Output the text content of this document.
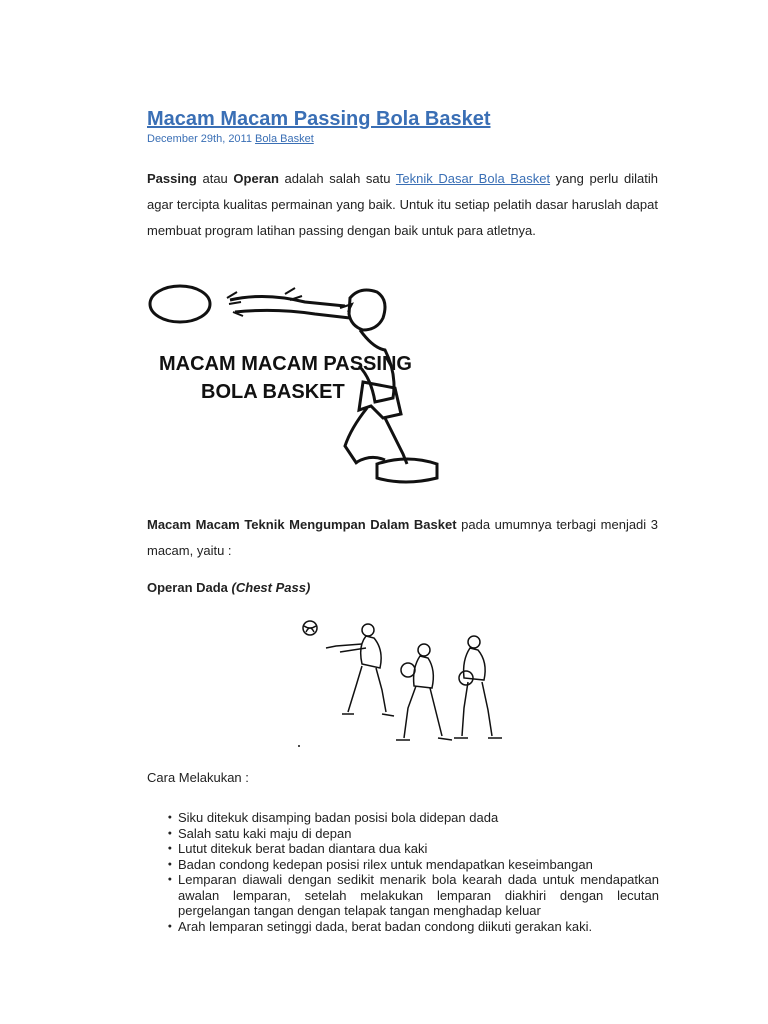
Macam Macam Passing Bola Basket
December 29th, 2011 Bola Basket

Passing atau Operan adalah salah satu Teknik Dasar Bola Basket yang perlu dilatih agar tercipta kualitas permainan yang baik. Untuk itu setiap pelatih dasar haruslah dapat membuat program latihan passing dengan baik untuk para atletnya.

MACAM MACAM PASSING
BOLA BASKET

Macam Macam Teknik Mengumpan Dalam Basket pada umumnya terbagi menjadi 3 macam, yaitu :

Operan Dada (Chest Pass)
Cara Melakukan :
● Siku ditekuk disamping badan posisi bola didepan dada
● Salah satu kaki maju di depan
● Lutut ditekuk berat badan diantara dua kaki
● Badan condong kedepan posisi rilex untuk mendapatkan keseimbangan
● Lemparan diawali dengan sedikit menarik bola kearah dada untuk mendapatkan awalan lemparan, setelah melakukan lemparan diakhiri dengan lecutan pergelangan tangan dengan telapak tangan menghadap keluar
● Arah lemparan setinggi dada, berat badan condong diikuti gerakan kaki.
